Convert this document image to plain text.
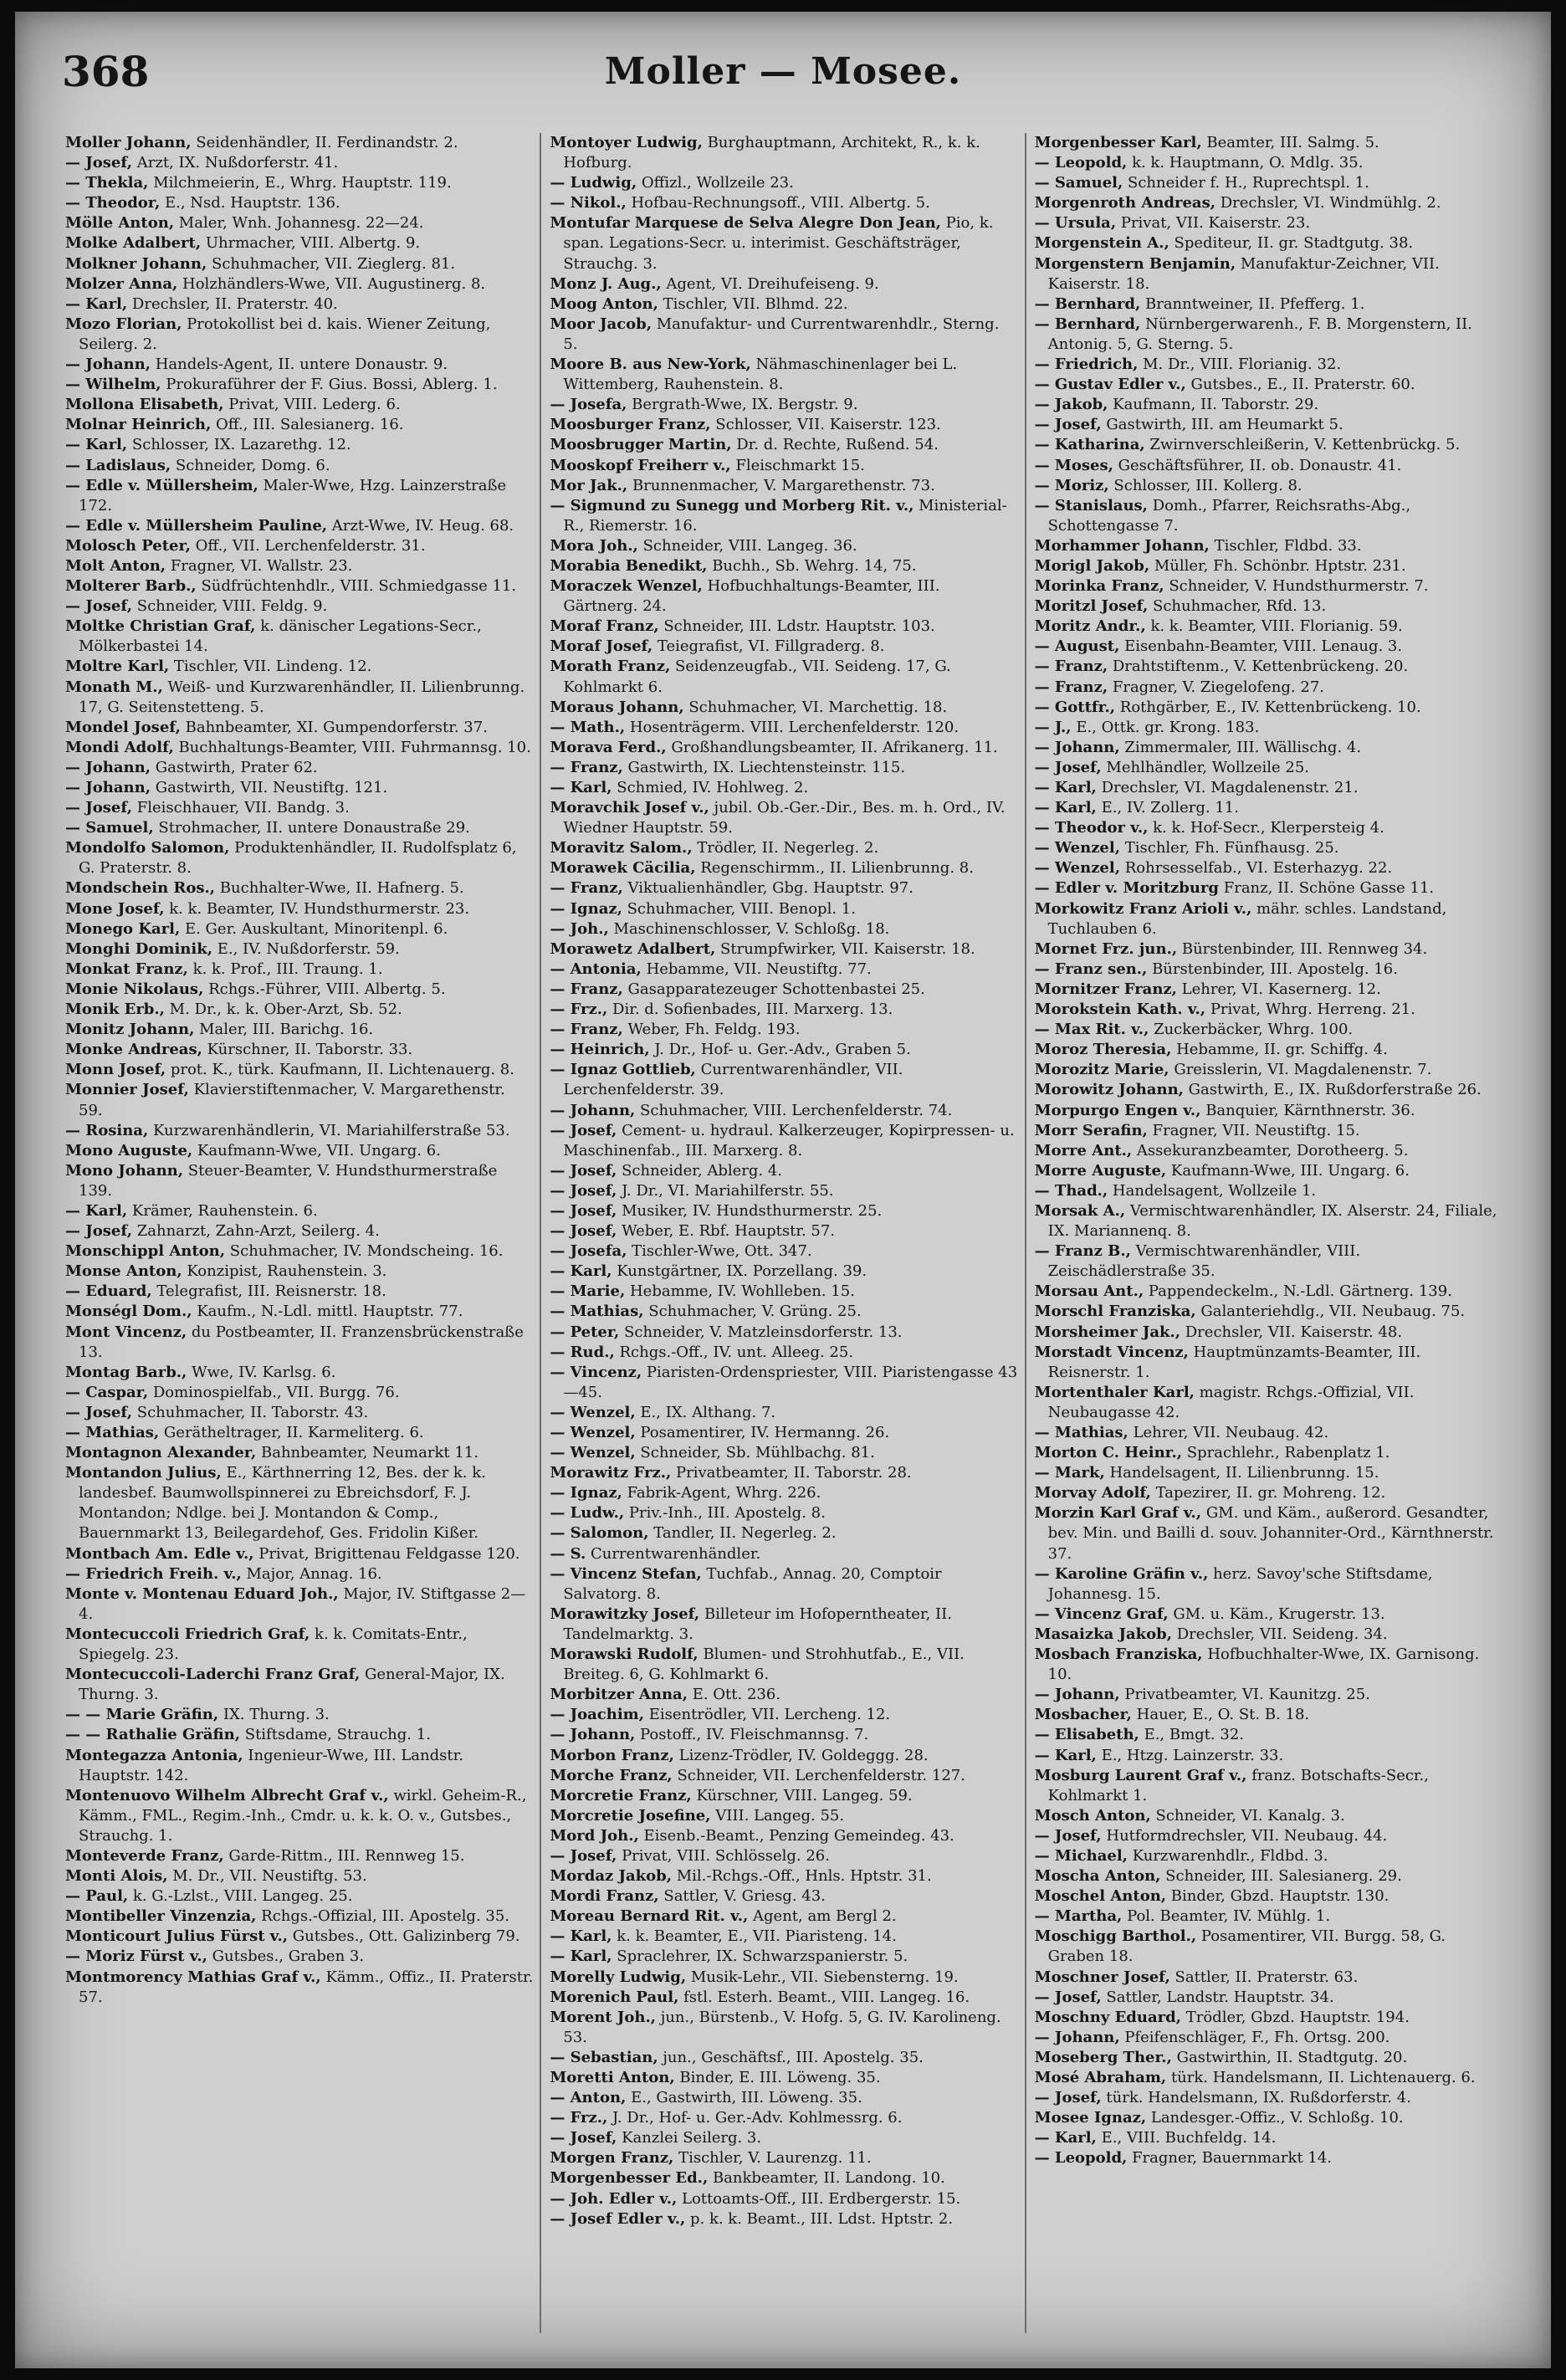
368	Moller — Mosee.
Moller Johann, Seidenhändler, II. Ferdinandstr. 2.
— Josef, Arzt, IX. Nußdorferstr. 41.
— Thekla, Milchmeierin, E., Whrg. Hauptstr. 119.
— Theodor, E., Nsd. Hauptstr. 136.
Mölle Anton, Maler, Wnh. Johannesg. 22—24.
Molke Adalbert, Uhrmacher, VIII. Albertg. 9.
Molkner Johann, Schuhmacher, VII. Zieglerg. 81.
Molzer Anna, Holzhändlers-Wwe, VII. Augustinerg. 8.
— Karl, Drechsler, II. Praterstr. 40.
Mozo Florian, Protokollist bei d. kais. Wiener Zeitung, Seilerg. 2.
— Johann, Handels-Agent, II. untere Donaustr. 9.
— Wilhelm, Prokuraführer der F. Gius. Bossi, Ablerg. 1.
Mollona Elisabeth, Privat, VIII. Lederg. 6.
Molnar Heinrich, Off., III. Salesianerg. 16.
— Karl, Schlosser, IX. Lazarethg. 12.
— Ladislaus, Schneider, Domg. 6.
— Edle v. Müllersheim, Maler-Wwe, Hzg. Lainzerstraße 172.
— Edle v. Müllersheim Pauline, Arzt-Wwe, IV. Heug. 68.
Molosch Peter, Off., VII. Lerchenfelderstr. 31.
Molt Anton, Fragner, VI. Wallstr. 23.
Molterer Barb., Südfrüchtenhdlr., VIII. Schmiedgasse 11.
— Josef, Schneider, VIII. Feldg. 9.
Moltke Christian Graf, k. dänischer Legations-Secr., Mölkerbastei 14.
Moltre Karl, Tischler, VII. Lindeng. 12.
Monath M., Weiß- und Kurzwarenhändler, II. Lilienbrunng. 17, G. Seitenstetteng. 5.
Mondel Josef, Bahnbeamter, XI. Gumpendorferstr. 37.
Mondi Adolf, Buchhaltungs-Beamter, VIII. Fuhrmannsg. 10.
— Johann, Gastwirth, Prater 62.
— Johann, Gastwirth, VII. Neustiftg. 121.
— Josef, Fleischhauer, VII. Bandg. 3.
— Samuel, Strohmacher, II. untere Donaustraße 29.
Mondolfo Salomon, Produktenhändler, II. Rudolfsplatz 6, G. Praterstr. 8.
Mondschein Ros., Buchhalter-Wwe, II. Hafnerg. 5.
Mone Josef, k. k. Beamter, IV. Hundsthurmerstr. 23.
Monego Karl, E. Ger. Auskultant, Minoritenpl. 6.
Monghi Dominik, E., IV. Nußdorferstr. 59.
Monkat Franz, k. k. Prof., III. Traung. 1.
Monie Nikolaus, Rchgs.-Führer, VIII. Albertg. 5.
Monik Erb., M. Dr., k. k. Ober-Arzt, Sb. 52.
Monitz Johann, Maler, III. Barichg. 16.
Monke Andreas, Kürschner, II. Taborstr. 33.
Monn Josef, prot. K., türk. Kaufmann, II. Lichtenauerg. 8.
Monnier Josef, Klavierstiftenmacher, V. Margarethenstr. 59.
— Rosina, Kurzwarenhändlerin, VI. Mariahilferstraße 53.
Mono Auguste, Kaufmann-Wwe, VII. Ungarg. 6.
Mono Johann, Steuer-Beamter, V. Hundsthurmerstraße 139.
— Karl, Krämer, Rauhenstein. 6.
— Josef, Zahnarzt, Zahn-Arzt, Seilerg. 4.
Monschippl Anton, Schuhmacher, IV. Mondscheing. 16.
Monse Anton, Konzipist, Rauhenstein. 3.
— Eduard, Telegrafist, III. Reisnerstr. 18.
Monségl Dom., Kaufm., N.-Ldl. mittl. Hauptstr. 77.
Mont Vincenz, du Postbeamter, II. Franzensbrückenstraße 13.
Montag Barb., Wwe, IV. Karlsg. 6.
— Caspar, Dominospielfab., VII. Burgg. 76.
— Josef, Schuhmacher, II. Taborstr. 43.
— Mathias, Gerätheltrager, II. Karmeliterg. 6.
Montagnon Alexander, Bahnbeamter, Neumarkt 11.
Montandon Julius, E., Kärthnerring 12, Bes. der k. k. landesbef. Baumwollspinnerei zu Ebreichsdorf, F. J. Montandon; Ndlge. bei J. Montandon & Comp., Bauernmarkt 13, Beilegardehof, Ges. Fridolin Kißer.
Montbach Am. Edle v., Privat, Brigittenau Feldgasse 120.
— Friedrich Freih. v., Major, Annag. 16.
Monte v. Montenau Eduard Joh., Major, IV. Stiftgasse 2—4.
Montecuccoli Friedrich Graf, k. k. Comitats-Entr., Spiegelg. 23.
Montecuccoli-Laderchi Franz Graf, General-Major, IX. Thurng. 3.
— — Marie Gräfin, IX. Thurng. 3.
— — Rathalie Gräfin, Stiftsdame, Strauchg. 1.
Montegazza Antonia, Ingenieur-Wwe, III. Landstr. Hauptstr. 142.
Montenuovo Wilhelm Albrecht Graf v., wirkl. Geheim-R., Kämm., FML., Regim.-Inh., Cmdr. u. k. k. O. v., Gutsbes., Strauchg. 1.
Monteverde Franz, Garde-Rittm., III. Rennweg 15.
Monti Alois, M. Dr., VII. Neustiftg. 53.
— Paul, k. G.-Lzlst., VIII. Langeg. 25.
Montibeller Vinzenzia, Rchgs.-Offizial, III. Apostelg. 35.
Monticourt Julius Fürst v., Gutsbes., Ott. Galizinberg 79.
— Moriz Fürst v., Gutsbes., Graben 3.
Montmorency Mathias Graf v., Kämm., Offiz., II. Praterstr. 57.
Montoyer Ludwig, Burghauptmann, Architekt, R., k. k. Hofburg.
— Ludwig, Offizl., Wollzeile 23.
— Nikol., Hofbau-Rechnungsoff., VIII. Albertg. 5.
Montufar Marquese de Selva Alegre Don Jean, Pio, k. span. Legations-Secr. u. interimist. Geschäftsträger, Strauchg. 3.
Monz J. Aug., Agent, VI. Dreihufeiseng. 9.
Moog Anton, Tischler, VII. Blhmd. 22.
Moor Jacob, Manufaktur- und Currentwarenhdlr., Sterng. 5.
Moore B. aus New-York, Nähmaschinenlager bei L. Wittemberg, Rauhenstein. 8.
— Josefa, Bergrath-Wwe, IX. Bergstr. 9.
Moosburger Franz, Schlosser, VII. Kaiserstr. 123.
Moosbrugger Martin, Dr. d. Rechte, Rußend. 54.
Mooskopf Freiherr v., Fleischmarkt 15.
Mor Jak., Brunnenmacher, V. Margarethenstr. 73.
— Sigmund zu Sunegg und Morberg Rit. v., Ministerial-R., Riemerstr. 16.
Mora Joh., Schneider, VIII. Langeg. 36.
Morabia Benedikt, Buchh., Sb. Wehrg. 14, 75.
Moraczek Wenzel, Hofbuchhaltungs-Beamter, III. Gärtnerg. 24.
Moraf Franz, Schneider, III. Ldstr. Hauptstr. 103.
Moraf Josef, Teiegrafist, VI. Fillgraderg. 8.
Morath Franz, Seidenzeugfab., VII. Seideng. 17, G. Kohlmarkt 6.
Moraus Johann, Schuhmacher, VI. Marchettig. 18.
— Math., Hosenträgerm. VIII. Lerchenfelderstr. 120.
Morava Ferd., Großhandlungsbeamter, II. Afrikanerg. 11.
— Franz, Gastwirth, IX. Liechtensteinstr. 115.
— Karl, Schmied, IV. Hohlweg. 2.
Moravchik Josef v., jubil. Ob.-Ger.-Dir., Bes. m. h. Ord., IV. Wiedner Hauptstr. 59.
Moravitz Salom., Trödler, II. Negerleg. 2.
Morawek Cäcilia, Regenschirmm., II. Lilienbrunng. 8.
— Franz, Viktualienhändler, Gbg. Hauptstr. 97.
— Ignaz, Schuhmacher, VIII. Benopl. 1.
— Joh., Maschinenschlosser, V. Schloßg. 18.
Morawetz Adalbert, Strumpfwirker, VII. Kaiserstr. 18.
— Antonia, Hebamme, VII. Neustiftg. 77.
— Franz, Gasapparatezeuger Schottenbastei 25.
— Frz., Dir. d. Sofienbades, III. Marxerg. 13.
— Franz, Weber, Fh. Feldg. 193.
— Heinrich, J. Dr., Hof- u. Ger.-Adv., Graben 5.
— Ignaz Gottlieb, Currentwarenhändler, VII. Lerchenfelderstr. 39.
— Johann, Schuhmacher, VIII. Lerchenfelderstr. 74.
— Josef, Cement- u. hydraul. Kalkerzeuger, Kopirpressen- u. Maschinenfab., III. Marxerg. 8.
— Josef, Schneider, Ablerg. 4.
— Josef, J. Dr., VI. Mariahilferstr. 55.
— Josef, Musiker, IV. Hundsthurmerstr. 25.
— Josef, Weber, E. Rbf. Hauptstr. 57.
— Josefa, Tischler-Wwe, Ott. 347.
— Karl, Kunstgärtner, IX. Porzellang. 39.
— Marie, Hebamme, IV. Wohlleben. 15.
— Mathias, Schuhmacher, V. Grüng. 25.
— Peter, Schneider, V. Matzleinsdorferstr. 13.
— Rud., Rchgs.-Off., IV. unt. Alleeg. 25.
— Vincenz, Piaristen-Ordenspriester, VIII. Piaristengasse 43—45.
— Wenzel, E., IX. Althang. 7.
— Wenzel, Posamentirer, IV. Hermanng. 26.
— Wenzel, Schneider, Sb. Mühlbachg. 81.
Morawitz Frz., Privatbeamter, II. Taborstr. 28.
— Ignaz, Fabrik-Agent, Whrg. 226.
— Ludw., Priv.-Inh., III. Apostelg. 8.
— Salomon, Tandler, II. Negerleg. 2.
— S. Currentwarenhändler.
— Vincenz Stefan, Tuchfab., Annag. 20, Comptoir Salvatorg. 8.
Morawitzky Josef, Billeteur im Hofoperntheater, II. Tandelmarktg. 3.
Morawski Rudolf, Blumen- und Strohhutfab., E., VII. Breiteg. 6, G. Kohlmarkt 6.
Morbitzer Anna, E. Ott. 236.
— Joachim, Eisentrödler, VII. Lercheng. 12.
— Johann, Postoff., IV. Fleischmannsg. 7.
Morbon Franz, Lizenz-Trödler, IV. Goldeggg. 28.
Morche Franz, Schneider, VII. Lerchenfelderstr. 127.
Morcretie Franz, Kürschner, VIII. Langeg. 59.
Morcretie Josefine, VIII. Langeg. 55.
Mord Joh., Eisenb.-Beamt., Penzing Gemeindeg. 43.
— Josef, Privat, VIII. Schlösselg. 26.
Mordaz Jakob, Mil.-Rchgs.-Off., Hnls. Hptstr. 31.
Mordi Franz, Sattler, V. Griesg. 43.
Moreau Bernard Rit. v., Agent, am Bergl 2.
— Karl, k. k. Beamter, E., VII. Piaristeng. 14.
— Karl, Spraclehrer, IX. Schwarzspanierstr. 5.
Morelly Ludwig, Musik-Lehr., VII. Siebensterng. 19.
Morenich Paul, fstl. Esterh. Beamt., VIII. Langeg. 16.
Morent Joh., jun., Bürstenb., V. Hofg. 5, G. IV. Karolineng. 53.
— Sebastian, jun., Geschäftsf., III. Apostelg. 35.
Moretti Anton, Binder, E. III. Löweng. 35.
— Anton, E., Gastwirth, III. Löweng. 35.
— Frz., J. Dr., Hof- u. Ger.-Adv. Kohlmessrg. 6.
— Josef, Kanzlei Seilerg. 3.
Morgen Franz, Tischler, V. Laurenzg. 11.
Morgenbesser Ed., Bankbeamter, II. Landong. 10.
— Joh. Edler v., Lottoamts-Off., III. Erdbergerstr. 15.
— Josef Edler v., p. k. k. Beamt., III. Ldst. Hptstr. 2.
Morgenbesser Karl, Beamter, III. Salmg. 5.
— Leopold, k. k. Hauptmann, O. Mdlg. 35.
— Samuel, Schneider f. H., Ruprechtspl. 1.
Morgenroth Andreas, Drechsler, VI. Windmühlg. 2.
— Ursula, Privat, VII. Kaiserstr. 23.
Morgenstein A., Spediteur, II. gr. Stadtgutg. 38.
Morgenstern Benjamin, Manufaktur-Zeichner, VII. Kaiserstr. 18.
— Bernhard, Branntweiner, II. Pfefferg. 1.
— Bernhard, Nürnbergerwarenh., F. B. Morgenstern, II. Antonig. 5, G. Sterng. 5.
— Friedrich, M. Dr., VIII. Florianig. 32.
— Gustav Edler v., Gutsbes., E., II. Praterstr. 60.
— Jakob, Kaufmann, II. Taborstr. 29.
— Josef, Gastwirth, III. am Heumarkt 5.
— Katharina, Zwirnverschleißerin, V. Kettenbrückg. 5.
— Moses, Geschäftsführer, II. ob. Donaustr. 41.
— Moriz, Schlosser, III. Kollerg. 8.
— Stanislaus, Domh., Pfarrer, Reichsraths-Abg., Schottengasse 7.
Morhammer Johann, Tischler, Fldbd. 33.
Morigl Jakob, Müller, Fh. Schönbr. Hptstr. 231.
Morinka Franz, Schneider, V. Hundsthurmerstr. 7.
Moritzl Josef, Schuhmacher, Rfd. 13.
Moritz Andr., k. k. Beamter, VIII. Florianig. 59.
— August, Eisenbahn-Beamter, VIII. Lenaug. 3.
— Franz, Drahtstiftenm., V. Kettenbrückeng. 20.
— Franz, Fragner, V. Ziegelofeng. 27.
— Gottfr., Rothgärber, E., IV. Kettenbrückeng. 10.
— J., E., Ottk. gr. Krong. 183.
— Johann, Zimmermaler, III. Wällischg. 4.
— Josef, Mehlhändler, Wollzeile 25.
— Karl, Drechsler, VI. Magdalenenstr. 21.
— Karl, E., IV. Zollerg. 11.
— Theodor v., k. k. Hof-Secr., Klerpersteig 4.
— Wenzel, Tischler, Fh. Fünfhausg. 25.
— Wenzel, Rohrsesselfab., VI. Esterhazyg. 22.
— Edler v. Moritzburg Franz, II. Schöne Gasse 11.
Morkowitz Franz Arioli v., mähr. schles. Landstand, Tuchlauben 6.
Mornet Frz. jun., Bürstenbinder, III. Rennweg 34.
— Franz sen., Bürstenbinder, III. Apostelg. 16.
Mornitzer Franz, Lehrer, VI. Kasernerg. 12.
Morokstein Kath. v., Privat, Whrg. Herreng. 21.
— Max Rit. v., Zuckerbäcker, Whrg. 100.
Moroz Theresia, Hebamme, II. gr. Schiffg. 4.
Morozitz Marie, Greisslerin, VI. Magdalenenstr. 7.
Morowitz Johann, Gastwirth, E., IX. Rußdorferstraße 26.
Morpurgo Engen v., Banquier, Kärnthnerstr. 36.
Morr Serafin, Fragner, VII. Neustiftg. 15.
Morre Ant., Assekuranzbeamter, Dorotheerg. 5.
Morre Auguste, Kaufmann-Wwe, III. Ungarg. 6.
— Thad., Handelsagent, Wollzeile 1.
Morsak A., Vermischtwarenhändler, IX. Alserstr. 24, Filiale, IX. Mariannenq. 8.
— Franz B., Vermischtwarenhändler, VIII. Zeischädlerstraße 35.
Morsau Ant., Pappendeckelm., N.-Ldl. Gärtnerg. 139.
Morschl Franziska, Galanteriehdlg., VII. Neubaug. 75.
Morsheimer Jak., Drechsler, VII. Kaiserstr. 48.
Morstadt Vincenz, Hauptmünzamts-Beamter, III. Reisnerstr. 1.
Mortenthaler Karl, magistr. Rchgs.-Offizial, VII. Neubaugasse 42.
— Mathias, Lehrer, VII. Neubaug. 42.
Morton C. Heinr., Sprachlehr., Rabenplatz 1.
— Mark, Handelsagent, II. Lilienbrunng. 15.
Morvay Adolf, Tapezirer, II. gr. Mohreng. 12.
Morzin Karl Graf v., GM. und Käm., außerord. Gesandter, bev. Min. und Bailli d. souv. Johanniter-Ord., Kärnthnerstr. 37.
— Karoline Gräfin v., herz. Savoy'sche Stiftsdame, Johannesg. 15.
— Vincenz Graf, GM. u. Käm., Krugerstr. 13.
Masaizka Jakob, Drechsler, VII. Seideng. 34.
Mosbach Franziska, Hofbuchhalter-Wwe, IX. Garnisong. 10.
— Johann, Privatbeamter, VI. Kaunitzg. 25.
Mosbacher, Hauer, E., O. St. B. 18.
— Elisabeth, E., Bmgt. 32.
— Karl, E., Htzg. Lainzerstr. 33.
Mosburg Laurent Graf v., franz. Botschafts-Secr., Kohlmarkt 1.
Mosch Anton, Schneider, VI. Kanalg. 3.
— Josef, Hutformdrechsler, VII. Neubaug. 44.
— Michael, Kurzwarenhdlr., Fldbd. 3.
Moscha Anton, Schneider, III. Salesianerg. 29.
Moschel Anton, Binder, Gbzd. Hauptstr. 130.
— Martha, Pol. Beamter, IV. Mühlg. 1.
Moschigg Barthol., Posamentirer, VII. Burgg. 58, G. Graben 18.
Moschner Josef, Sattler, II. Praterstr. 63.
— Josef, Sattler, Landstr. Hauptstr. 34.
Moschny Eduard, Trödler, Gbzd. Hauptstr. 194.
— Johann, Pfeifenschläger, F., Fh. Ortsg. 200.
Moseberg Ther., Gastwirthin, II. Stadtgutg. 20.
Mosé Abraham, türk. Handelsmann, II. Lichtenauerg. 6.
— Josef, türk. Handelsmann, IX. Rußdorferstr. 4.
Mosee Ignaz, Landesger.-Offiz., V. Schloßg. 10.
— Karl, E., VIII. Buchfeldg. 14.
— Leopold, Fragner, Bauernmarkt 14.
